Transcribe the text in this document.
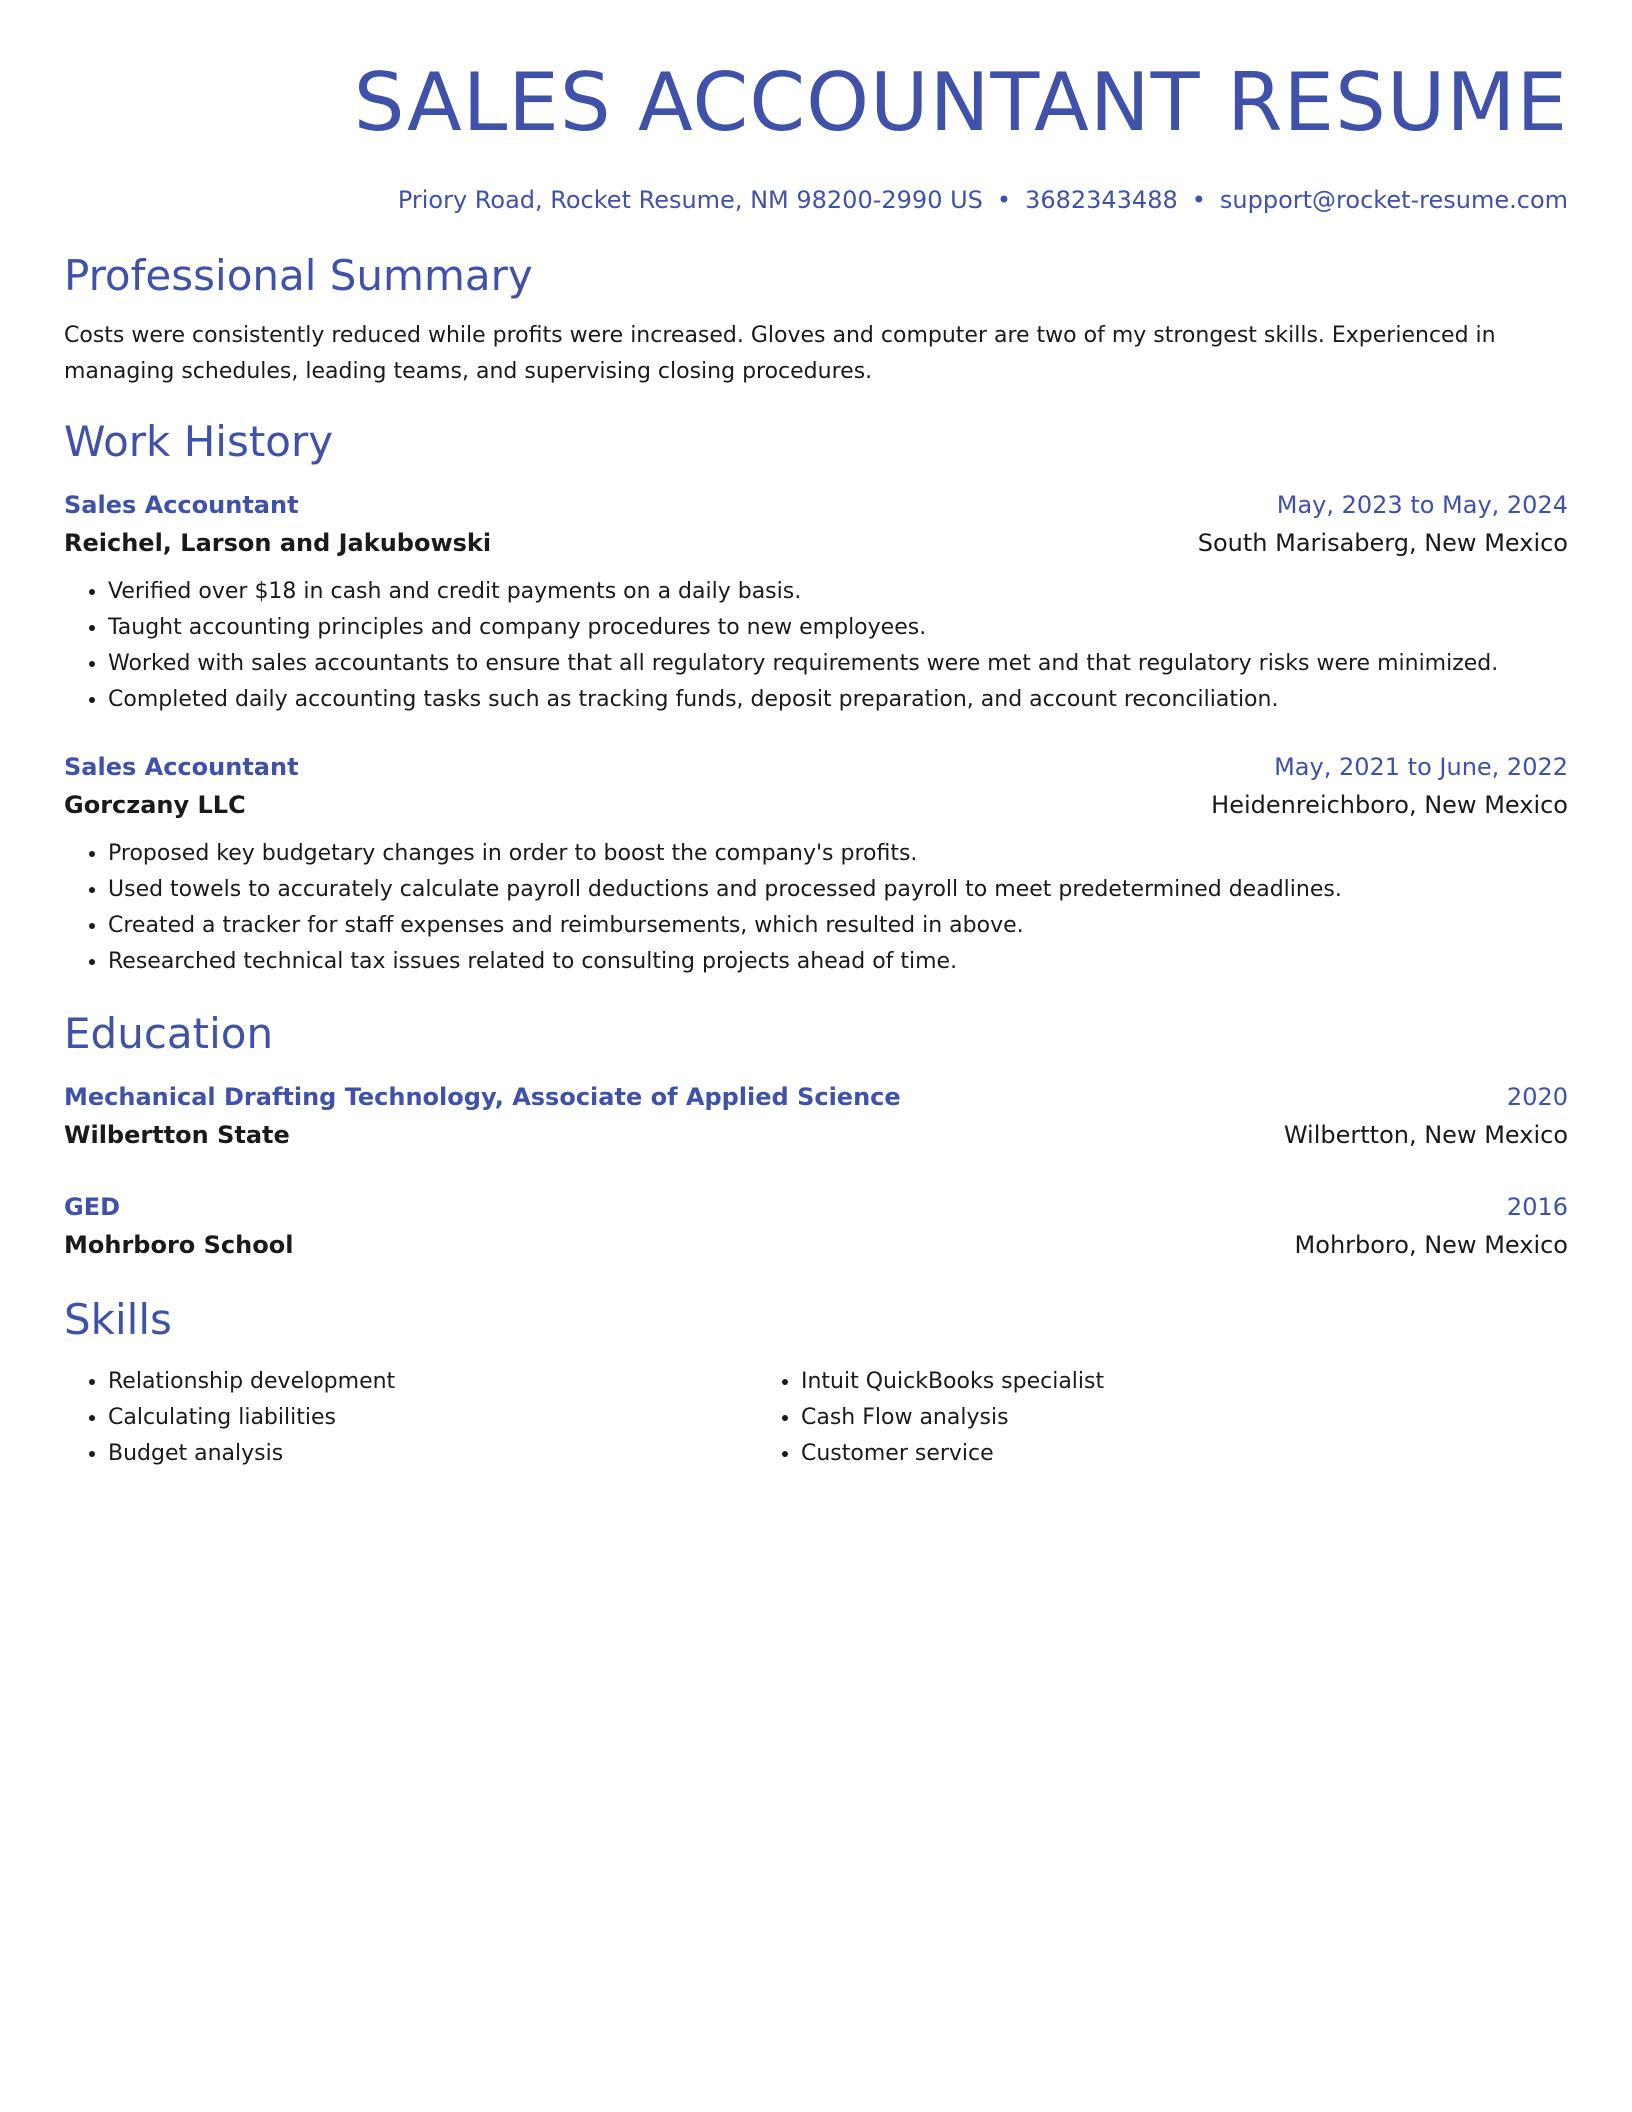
SALES ACCOUNTANT RESUME
Priory Road, Rocket Resume, NM 98200-2990 US • 3682343488 • support@rocket-resume.com
Professional Summary
Costs were consistently reduced while profits were increased. Gloves and computer are two of my strongest skills. Experienced in managing schedules, leading teams, and supervising closing procedures.
Work History
Sales Accountant	May, 2023 to May, 2024
Reichel, Larson and Jakubowski	South Marisaberg, New Mexico
• Verified over $18 in cash and credit payments on a daily basis.
• Taught accounting principles and company procedures to new employees.
• Worked with sales accountants to ensure that all regulatory requirements were met and that regulatory risks were minimized.
• Completed daily accounting tasks such as tracking funds, deposit preparation, and account reconciliation.
Sales Accountant	May, 2021 to June, 2022
Gorczany LLC	Heidenreichboro, New Mexico
• Proposed key budgetary changes in order to boost the company's profits.
• Used towels to accurately calculate payroll deductions and processed payroll to meet predetermined deadlines.
• Created a tracker for staff expenses and reimbursements, which resulted in above.
• Researched technical tax issues related to consulting projects ahead of time.
Education
Mechanical Drafting Technology, Associate of Applied Science	2020
Wilbertton State	Wilbertton, New Mexico
GED	2016
Mohrboro School	Mohrboro, New Mexico
Skills
• Relationship development
• Calculating liabilities
• Budget analysis
• Intuit QuickBooks specialist
• Cash Flow analysis
• Customer service
